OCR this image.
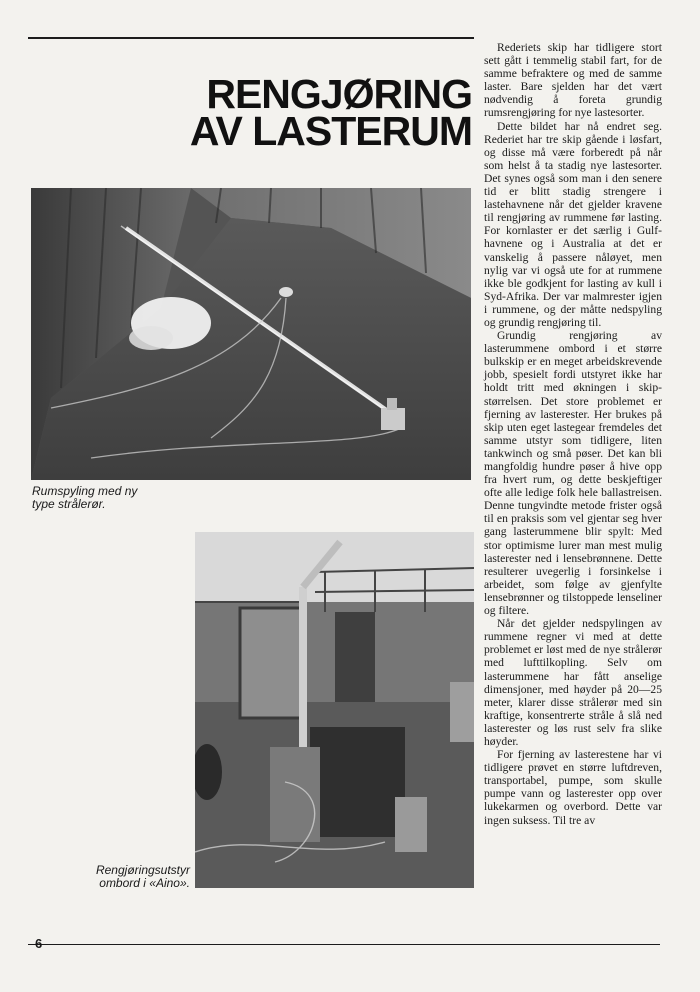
RENGJØRING
AV LASTERUM

Rumspyling med ny
type strålerør.

Rengjøringsutstyr
ombord i «Aino».

Rederiets skip har tidligere stort sett gått i temmelig stabil fart, for de samme befraktere og med de samme laster. Bare sjelden har det vært nødvendig å foreta grundig rumsrengjøring for nye lastesorter.

Dette bildet har nå endret seg. Rederiet har tre skip gående i løsfart, og disse må være forberedt på når som helst å ta stadig nye lastesorter. Det synes også som man i den senere tid er blitt stadig strengere i lastehavnene når det gjelder kravene til rengjøring av rummene før lasting. For kornlaster er det særlig i Gulf-havnene og i Australia at det er vanskelig å passere nåløyet, men nylig var vi også ute for at rummene ikke ble godkjent for lasting av kull i Syd-Afrika. Der var malmrester igjen i rummene, og der måtte nedspyling og grundig rengjøring til.

Grundig rengjøring av lasterummene ombord i et større bulkskip er en meget arbeidskrevende jobb, spesielt fordi utstyret ikke har holdt tritt med økningen i skip-størrelsen. Det store problemet er fjerning av lasterester. Her brukes på skip uten eget lastegear fremdeles det samme utstyr som tidligere, liten tankwinch og små pøser. Det kan bli mangfoldig hundre pøser å hive opp fra hvert rum, og dette beskjeftiger ofte alle ledige folk hele ballastreisen. Denne tungvindte metode frister også til en praksis som vel gjentar seg hver gang lasterummene blir spylt: Med stor optimisme lurer man mest mulig lasterester ned i lensebrønnene. Dette resulterer uvegerlig i forsinkelse i arbeidet, som følge av gjenfylte lensebrønner og tilstoppede lenseliner og filtere.

Når det gjelder nedspylingen av rummene regner vi med at dette problemet er løst med de nye strålerør med lufttilkopling. Selv om lasterummene har fått anselige dimensjoner, med høyder på 20—25 meter, klarer disse strålerør med sin kraftige, konsentrerte stråle å slå ned lasterester og løs rust selv fra slike høyder.

For fjerning av lasterestene har vi tidligere prøvet en større luftdreven, transportabel, pumpe, som skulle pumpe vann og lasterester opp over lukekarmen og overbord. Dette var ingen suksess. Til tre av

6
